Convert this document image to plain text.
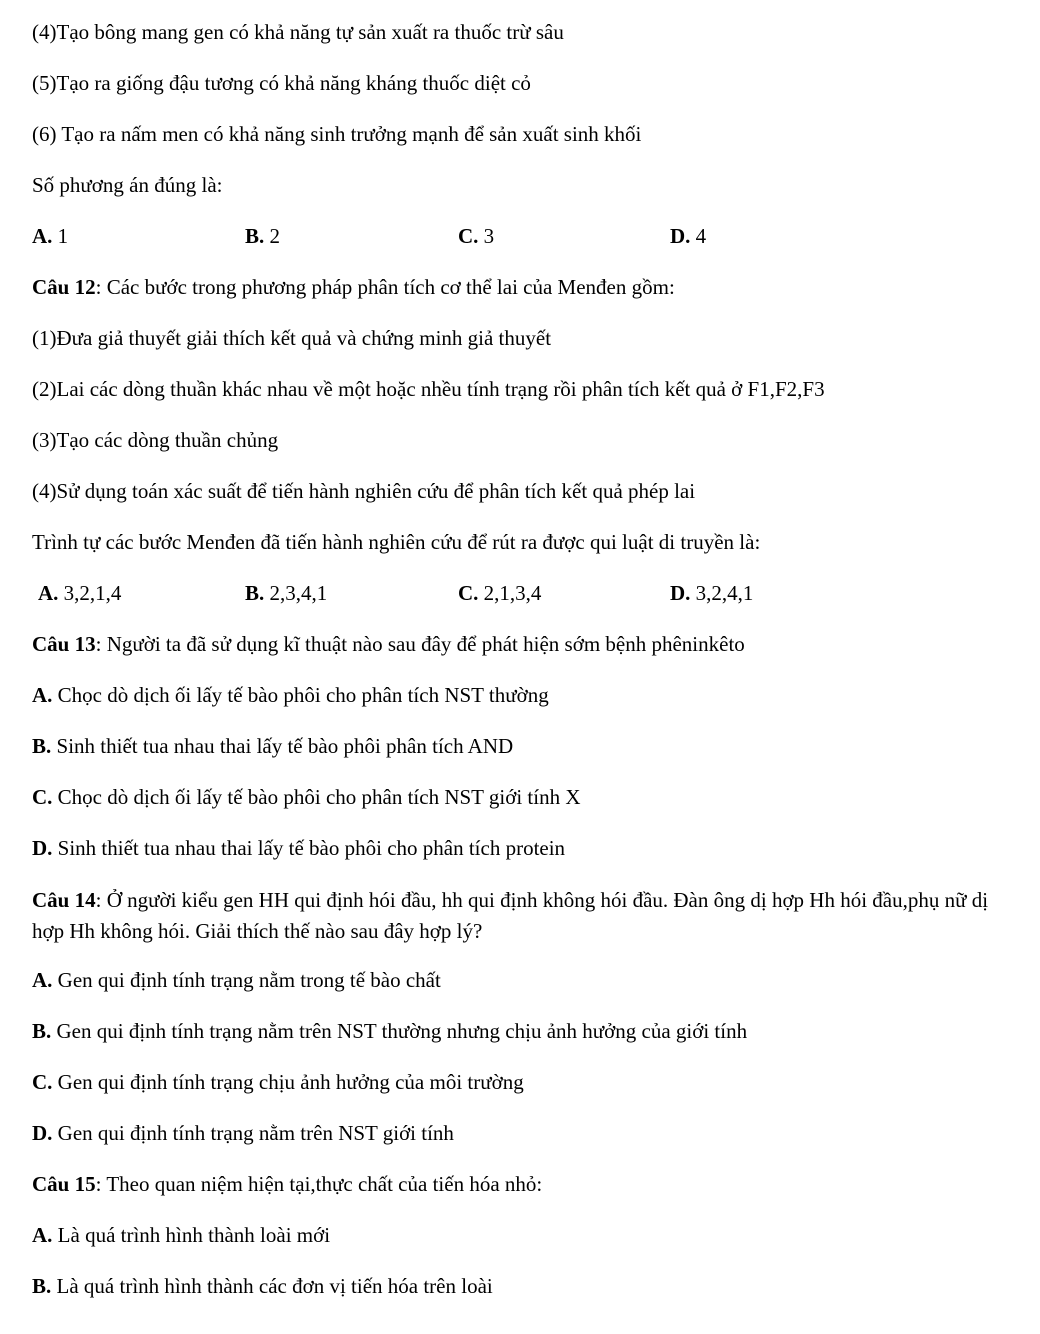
(4)Tạo bông mang gen có khả năng tự sản xuất ra thuốc trừ sâu
(5)Tạo ra giống đậu tương có khả năng kháng thuốc diệt cỏ
(6) Tạo ra nấm men có khả năng sinh trưởng mạnh để sản xuất sinh khối
Số phương án đúng là:
A. 1	B. 2	C. 3	D. 4
Câu 12: Các bước trong phương pháp phân tích cơ thể lai của Menđen gồm:
(1)Đưa giả thuyết giải thích kết quả và chứng minh giả thuyết
(2)Lai các dòng thuần khác nhau về một hoặc nhều tính trạng rồi phân tích kết quả ở F1,F2,F3
(3)Tạo các dòng thuần chủng
(4)Sử dụng toán xác suất để tiến hành nghiên cứu để phân tích kết quả phép lai
Trình tự các bước Menđen đã tiến hành nghiên cứu để rút ra được qui luật di truyền là:
A. 3,2,1,4	B. 2,3,4,1	C. 2,1,3,4	D. 3,2,4,1
Câu 13: Người ta đã sử dụng kĩ thuật nào sau đây để phát hiện sớm bệnh phêninkêto
A. Chọc dò dịch ối lấy tế bào phôi cho phân tích NST thường
B. Sinh thiết tua nhau thai lấy tế bào phôi phân tích AND
C. Chọc dò dịch ối lấy tế bào phôi cho phân tích NST giới tính X
D. Sinh thiết tua nhau thai lấy tế bào phôi cho phân tích protein
Câu 14: Ở người kiểu gen HH qui định hói đầu, hh qui định không hói đầu. Đàn ông dị hợp Hh hói đầu,phụ nữ dị hợp Hh không hói. Giải thích thế nào sau đây hợp lý?
A. Gen qui định tính trạng nằm trong tế bào chất
B. Gen qui định tính trạng nằm trên NST thường nhưng chịu ảnh hưởng của giới tính
C. Gen qui định tính trạng chịu ảnh hưởng của môi trường
D. Gen qui định tính trạng nằm trên NST giới tính
Câu 15: Theo quan niệm hiện tại,thực chất của tiến hóa nhỏ:
A. Là quá trình hình thành loài mới
B. Là quá trình hình thành các đơn vị tiến hóa trên loài
